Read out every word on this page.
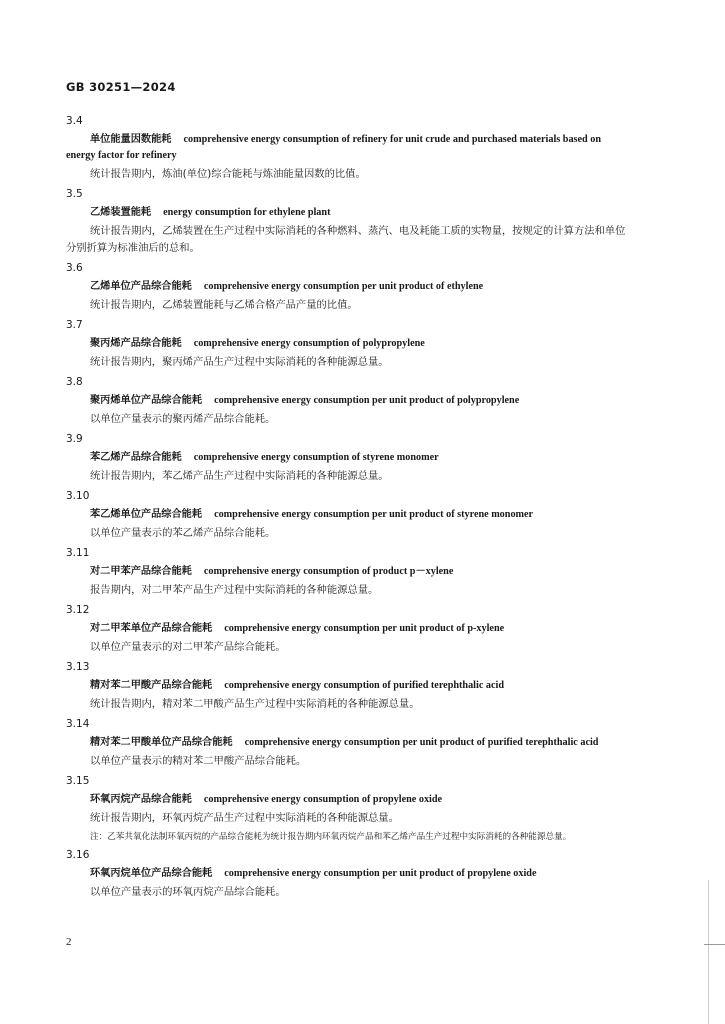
GB 30251—2024
3.4
单位能量因数能耗 comprehensive energy consumption of refinery for unit crude and purchased materials based on energy factor for refinery
统计报告期内，炼油(单位)综合能耗与炼油能量因数的比值。
3.5
乙烯装置能耗 energy consumption for ethylene plant
统计报告期内，乙烯装置在生产过程中实际消耗的各种燃料、蒸汽、电及耗能工质的实物量，按规定的计算方法和单位分别折算为标准油后的总和。
3.6
乙烯单位产品综合能耗 comprehensive energy consumption per unit product of ethylene
统计报告期内，乙烯装置能耗与乙烯合格产品产量的比值。
3.7
聚丙烯产品综合能耗 comprehensive energy consumption of polypropylene
统计报告期内，聚丙烯产品生产过程中实际消耗的各种能源总量。
3.8
聚丙烯单位产品综合能耗 comprehensive energy consumption per unit product of polypropylene
以单位产量表示的聚丙烯产品综合能耗。
3.9
苯乙烯产品综合能耗 comprehensive energy consumption of styrene monomer
统计报告期内，苯乙烯产品生产过程中实际消耗的各种能源总量。
3.10
苯乙烯单位产品综合能耗 comprehensive energy consumption per unit product of styrene monomer
以单位产量表示的苯乙烯产品综合能耗。
3.11
对二甲苯产品综合能耗 comprehensive energy consumption of product p－xylene
报告期内，对二甲苯产品生产过程中实际消耗的各种能源总量。
3.12
对二甲苯单位产品综合能耗 comprehensive energy consumption per unit product of p-xylene
以单位产量表示的对二甲苯产品综合能耗。
3.13
精对苯二甲酸产品综合能耗 comprehensive energy consumption of purified terephthalic acid
统计报告期内，精对苯二甲酸产品生产过程中实际消耗的各种能源总量。
3.14
精对苯二甲酸单位产品综合能耗 comprehensive energy consumption per unit product of purified terephthalic acid
以单位产量表示的精对苯二甲酸产品综合能耗。
3.15
环氧丙烷产品综合能耗 comprehensive energy consumption of propylene oxide
统计报告期内，环氧丙烷产品生产过程中实际消耗的各种能源总量。
注：乙苯共氧化法制环氧丙烷的产品综合能耗为统计报告期内环氧丙烷产品和苯乙烯产品生产过程中实际消耗的各种能源总量。
3.16
环氧丙烷单位产品综合能耗 comprehensive energy consumption per unit product of propylene oxide
以单位产量表示的环氧丙烷产品综合能耗。
2
